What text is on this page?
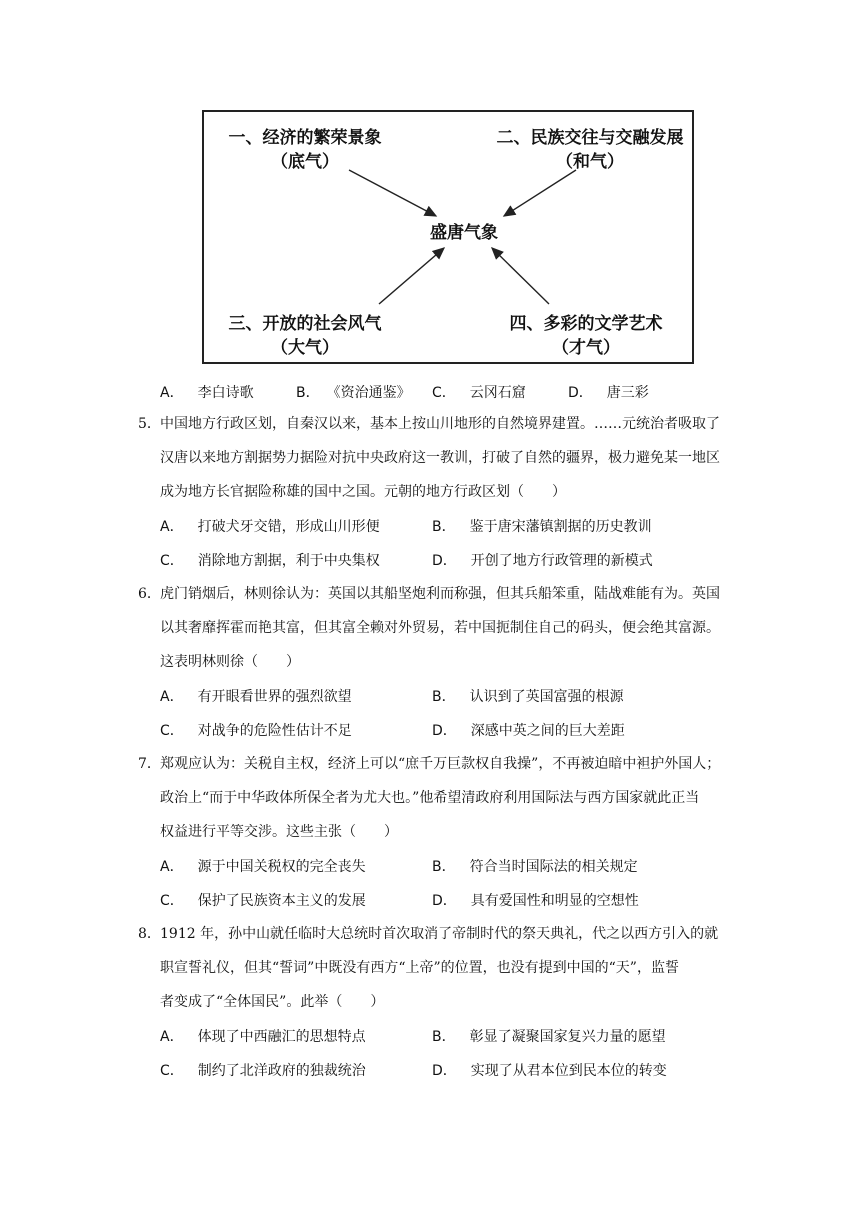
一、经济的繁荣景象
（底气）
二、民族交往与交融发展
（和气）
盛唐气象
三、开放的社会风气
（大气）
四、多彩的文学艺术
（才气）
A． 李白诗歌	B． 《资治通鉴》 C． 云冈石窟	D． 唐三彩
5． 中国地方行政区划，自秦汉以来，基本上按山川地形的自然境界建置。……元统治者吸取了
汉唐以来地方割据势力据险对抗中央政府这一教训，打破了自然的疆界，极力避免某一地区
成为地方长官据险称雄的国中之国。元朝的地方行政区划（　　）
A． 打破犬牙交错，形成山川形便	B． 鉴于唐宋藩镇割据的历史教训
C． 消除地方割据，利于中央集权	D． 开创了地方行政管理的新模式
6． 虎门销烟后，林则徐认为：英国以其船坚炮利而称强，但其兵船笨重，陆战难能有为。英国
以其奢靡挥霍而艳其富，但其富全赖对外贸易，若中国扼制住自己的码头，便会绝其富源。
这表明林则徐（　　）
A． 有开眼看世界的强烈欲望	B． 认识到了英国富强的根源
C． 对战争的危险性估计不足	D． 深感中英之间的巨大差距
7． 郑观应认为：关税自主权，经济上可以“庶千万巨款权自我操”，不再被迫暗中袒护外国人；
政治上“而于中华政体所保全者为尤大也。”他希望清政府利用国际法与西方国家就此正当
权益进行平等交涉。这些主张（　　）
A． 源于中国关税权的完全丧失	B． 符合当时国际法的相关规定
C． 保护了民族资本主义的发展	D． 具有爱国性和明显的空想性
8． 1912 年，孙中山就任临时大总统时首次取消了帝制时代的祭天典礼，代之以西方引入的就
职宣誓礼仪，但其“誓词”中既没有西方“上帝”的位置，也没有提到中国的“天”，监誓
者变成了“全体国民”。此举（　　）
A． 体现了中西融汇的思想特点	B． 彰显了凝聚国家复兴力量的愿望
C． 制约了北洋政府的独裁统治	D． 实现了从君本位到民本位的转变
